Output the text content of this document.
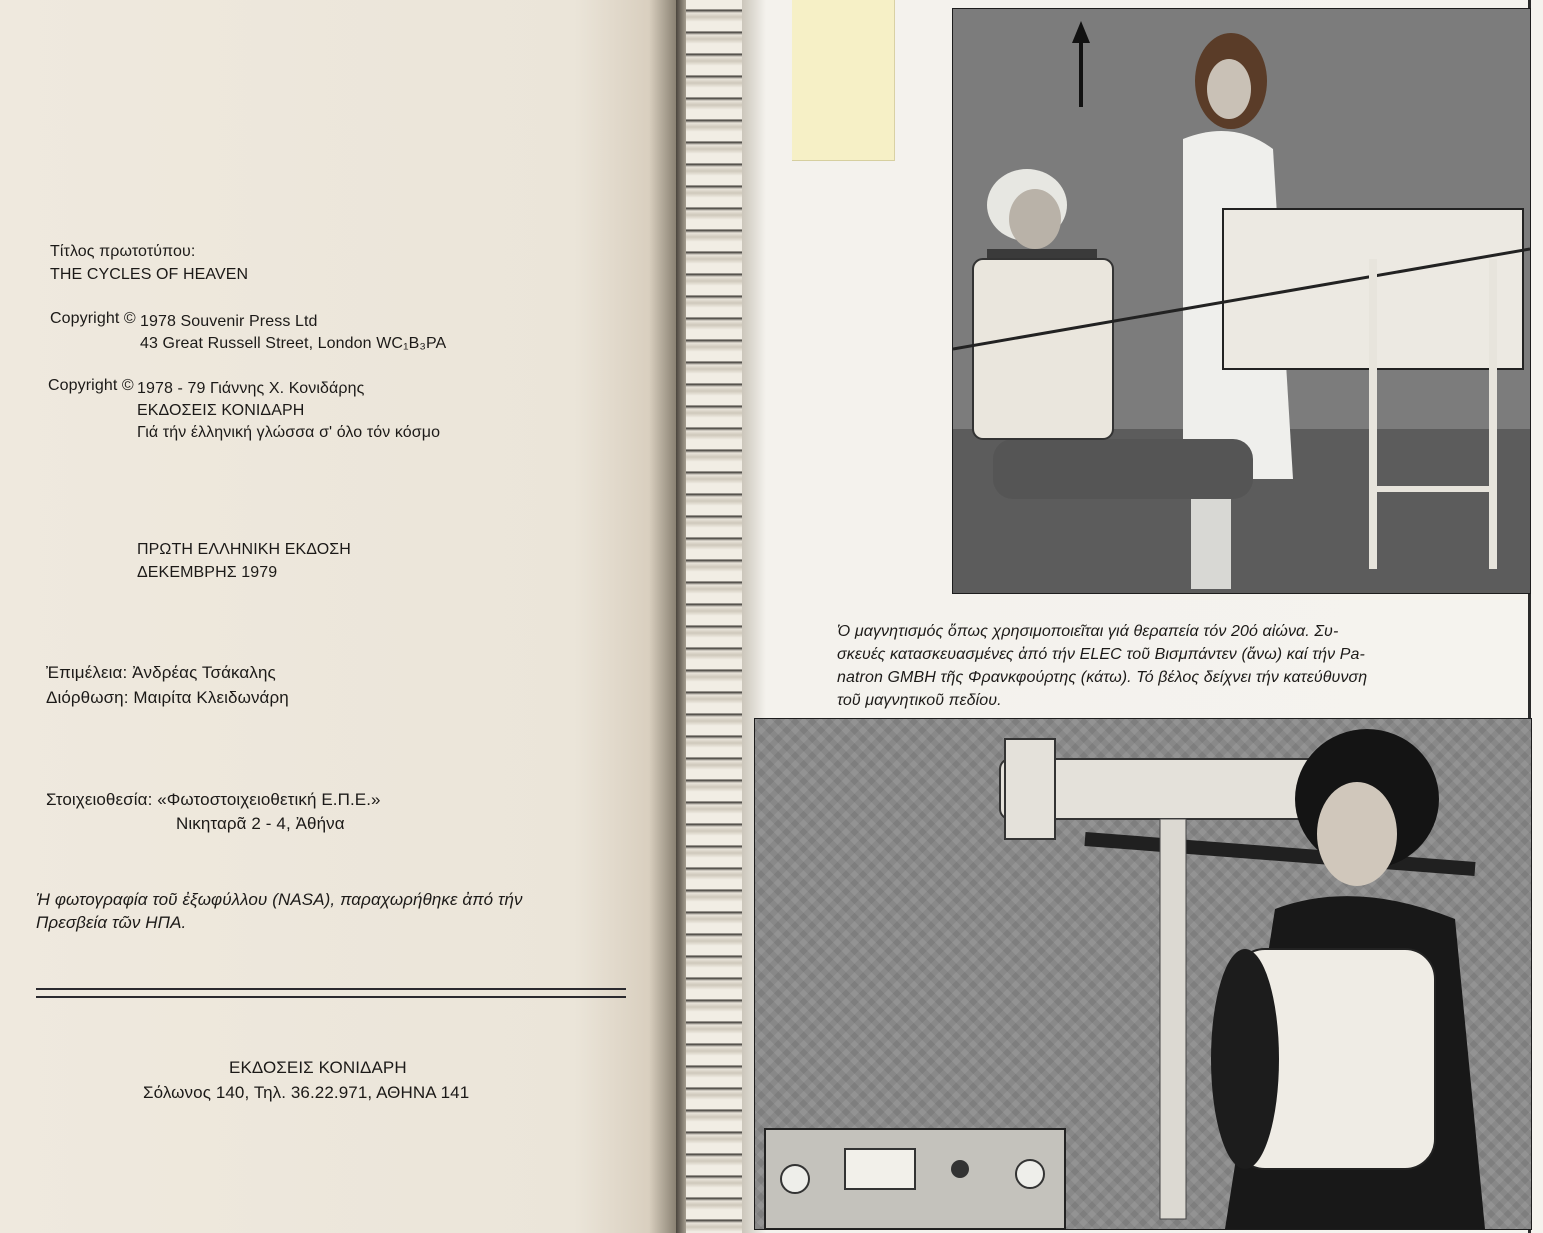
Τίτλος πρωτοτύπου:
THE CYCLES OF HEAVEN
Copyright © 1978 Souvenir Press Ltd
43 Great Russell Street, London WC₁B₃PA
Copyright © 1978 - 79 Γιάννης Χ. Κονιδάρης
ΕΚΔΟΣΕΙΣ ΚΟΝΙΔΑΡΗ
Γιά τήν έλληνική γλώσσα σ' όλο τόν κόσμο
ΠΡΩΤΗ ΕΛΛΗΝΙΚΗ ΕΚΔΟΣΗ
ΔΕΚΕΜΒΡΗΣ 1979
Ἐπιμέλεια: Ἀνδρέας Τσάκαλης
Διόρθωση: Μαιρίτα Κλειδωνάρη
Στοιχειοθεσία: «Φωτοστοιχειοθετική Ε.Π.Ε.»
Νικηταρᾶ 2 - 4, Ἀθήνα
Ἡ φωτογραφία τοῦ ἐξωφύλλου (NASA), παραχωρήθηκε ἀπό τήν
Πρεσβεία τῶν ΗΠΑ.
ΕΚΔΟΣΕΙΣ ΚΟΝΙΔΑΡΗ
Σόλωνος 140, Τηλ. 36.22.971, ΑΘΗΝΑ 141
Ὁ μαγνητισμός ὅπως χρησιμοποιεῖται γιά θεραπεία τόν 20ό αἰώνα. Συ-
σκευές κατασκευασμένες ἀπό τήν ELEC τοῦ Βισμπάντεν (ἄνω) καί τήν Pa-
natron GMBH τῆς Φρανκφούρτης (κάτω). Τό βέλος δείχνει τήν κατεύθυνση
τοῦ μαγνητικοῦ πεδίου.
